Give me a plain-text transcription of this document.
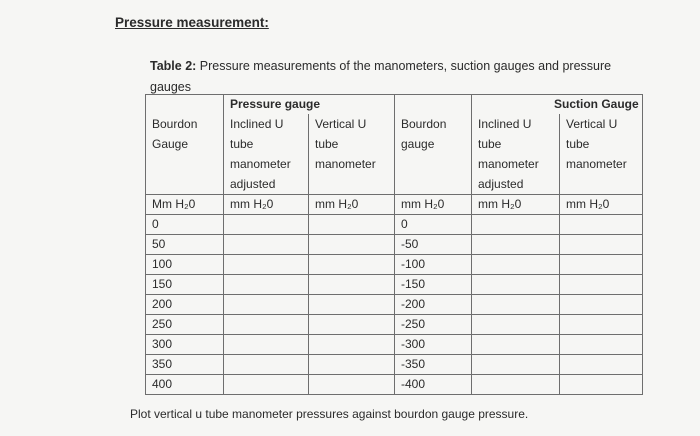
Pressure measurement:
Table 2: Pressure measurements of the manometers, suction gauges and pressure gauges
	Pressure gauge			Suction Gauge	
Bourdon Gauge	Inclined U tube manometer adjusted	Vertical U tube manometer	Bourdon gauge	Inclined U tube manometer adjusted	Vertical U tube manometer
Mm H₂0	mm H₂0	mm H₂0	mm H₂0	mm H₂0	mm H₂0
0			0		
50			-50		
100			-100		
150			-150		
200			-200		
250			-250		
300			-300		
350			-350		
400			-400		
Plot vertical u tube manometer pressures against bourdon gauge pressure.
